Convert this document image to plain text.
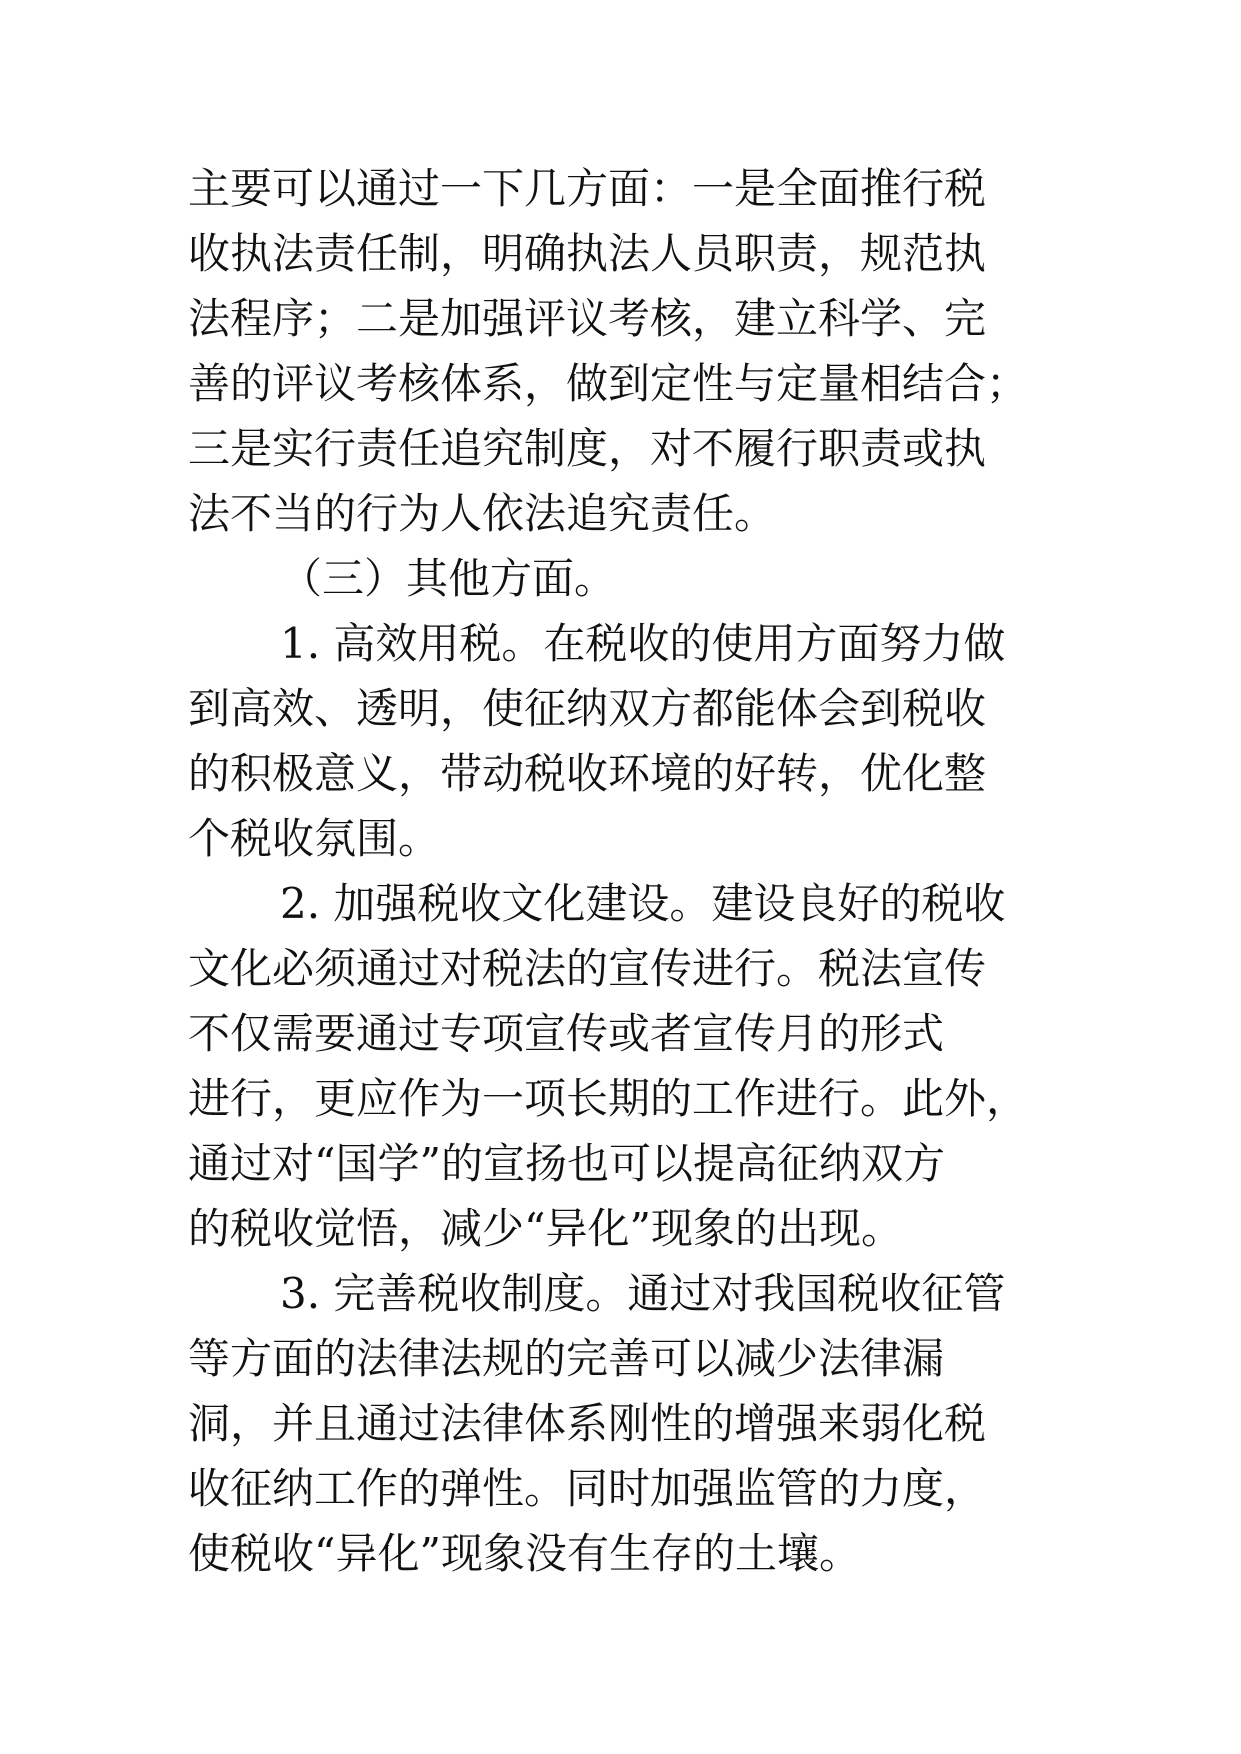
主要可以通过一下几方面：一是全面推行税
收执法责任制，明确执法人员职责，规范执
法程序；二是加强评议考核，建立科学、完
善的评议考核体系，做到定性与定量相结合；
三是实行责任追究制度，对不履行职责或执
法不当的行为人依法追究责任。
（三）其他方面。
1. 高效用税。在税收的使用方面努力做
到高效、透明，使征纳双方都能体会到税收
的积极意义，带动税收环境的好转，优化整
个税收氛围。
2. 加强税收文化建设。建设良好的税收
文化必须通过对税法的宣传进行。税法宣传
不仅需要通过专项宣传或者宣传月的形式
进行，更应作为一项长期的工作进行。此外，
通过对“国学”的宣扬也可以提高征纳双方
的税收觉悟，减少“异化”现象的出现。
3. 完善税收制度。通过对我国税收征管
等方面的法律法规的完善可以减少法律漏
洞，并且通过法律体系刚性的增强来弱化税
收征纳工作的弹性。同时加强监管的力度，
使税收“异化”现象没有生存的土壤。
